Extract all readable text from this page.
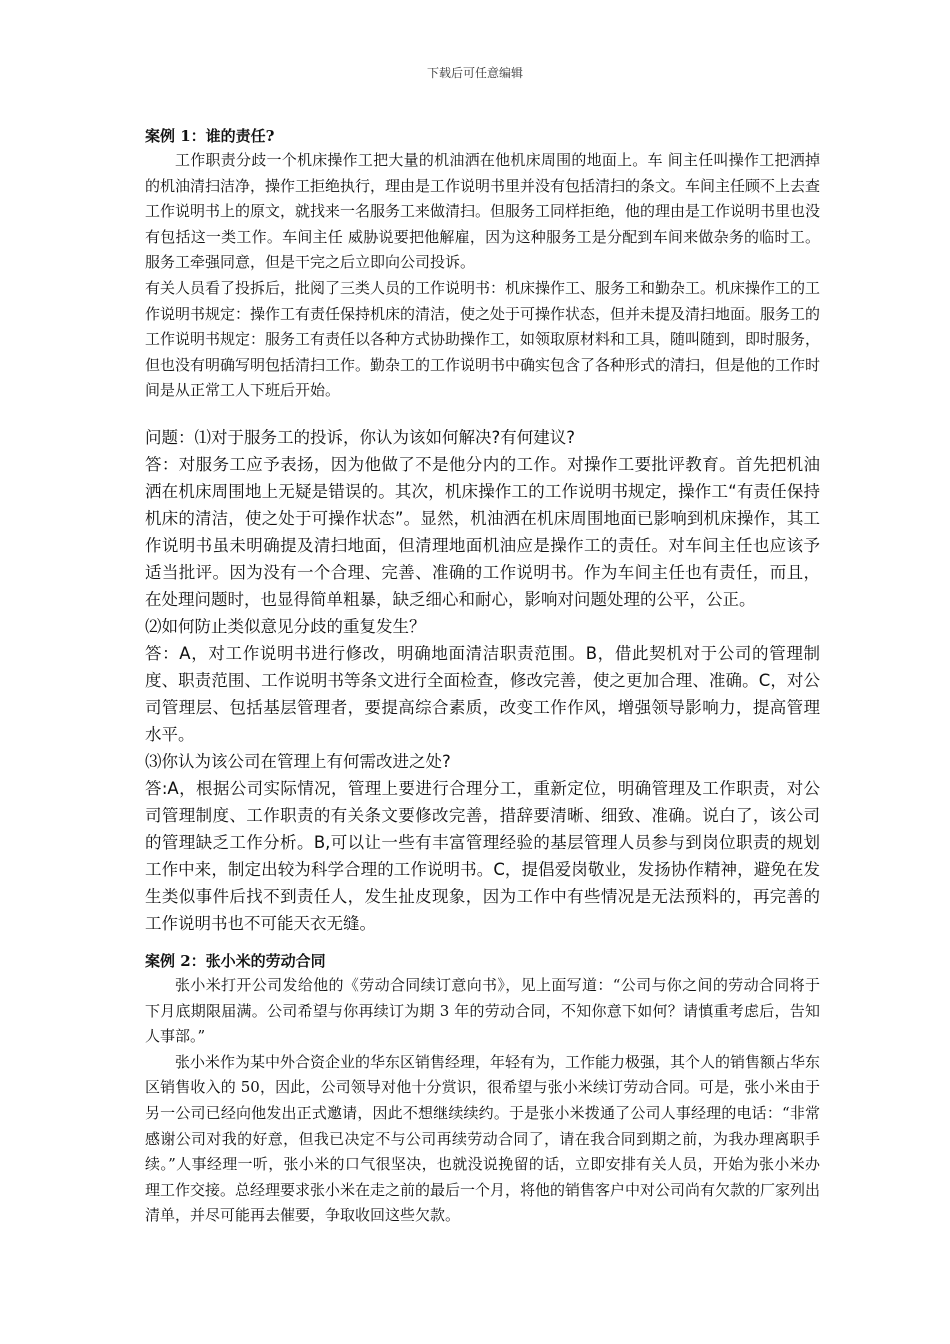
下载后可任意编辑

案例 1：谁的责任?

工作职责分歧一个机床操作工把大量的机油洒在他机床周围的地面上。车 间主任叫操作工把洒掉的机油清扫洁净，操作工拒绝执行，理由是工作说明书里并没有包括清扫的条文。车间主任顾不上去查工作说明书上的原文，就找来一名服务工来做清扫。但服务工同样拒绝，他的理由是工作说明书里也没有包括这一类工作。车间主任 威胁说要把他解雇，因为这种服务工是分配到车间来做杂务的临时工。服务工牵强同意，但是干完之后立即向公司投诉。

有关人员看了投拆后，批阅了三类人员的工作说明书：机床操作工、服务工和勤杂工。机床操作工的工作说明书规定：操作工有责任保持机床的清洁，使之处于可操作状态，但并未提及清扫地面。服务工的工作说明书规定：服务工有责任以各种方式协助操作工，如领取原材料和工具，随叫随到，即时服务，但也没有明确写明包括清扫工作。勤杂工的工作说明书中确实包含了各种形式的清扫，但是他的工作时间是从正常工人下班后开始。

问题：⑴对于服务工的投诉，你认为该如何解决?有何建议?

答：对服务工应予表扬，因为他做了不是他分内的工作。对操作工要批评教育。首先把机油洒在机床周围地上无疑是错误的。其次，机床操作工的工作说明书规定，操作工“有责任保持机床的清洁，使之处于可操作状态”。显然，机油洒在机床周围地面已影响到机床操作，其工作说明书虽未明确提及清扫地面，但清理地面机油应是操作工的责任。对车间主任也应该予适当批评。因为没有一个合理、完善、准确的工作说明书。作为车间主任也有责任，而且，在处理问题时，也显得简单粗暴，缺乏细心和耐心，影响对问题处理的公平，公正。

⑵如何防止类似意见分歧的重复发生？

答：A，对工作说明书进行修改，明确地面清洁职责范围。B，借此契机对于公司的管理制度、职责范围、工作说明书等条文进行全面检查，修改完善，使之更加合理、准确。C，对公司管理层、包括基层管理者，要提高综合素质，改变工作作风，增强领导影响力，提高管理水平。

⑶你认为该公司在管理上有何需改进之处?

答:A，根据公司实际情况，管理上要进行合理分工，重新定位，明确管理及工作职责，对公司管理制度、工作职责的有关条文要修改完善，措辞要清晰、细致、准确。说白了，该公司的管理缺乏工作分析。B,可以让一些有丰富管理经验的基层管理人员参与到岗位职责的规划工作中来，制定出较为科学合理的工作说明书。C，提倡爱岗敬业，发扬协作精神，避免在发生类似事件后找不到责任人，发生扯皮现象，因为工作中有些情况是无法预料的，再完善的工作说明书也不可能天衣无缝。

案例 2：张小米的劳动合同

张小米打开公司发给他的《劳动合同续订意向书》，见上面写道：“公司与你之间的劳动合同将于下月底期限届满。公司希望与你再续订为期 3 年的劳动合同，不知你意下如何？请慎重考虑后，告知人事部。”

张小米作为某中外合资企业的华东区销售经理，年轻有为，工作能力极强，其个人的销售额占华东区销售收入的 50，因此，公司领导对他十分赏识，很希望与张小米续订劳动合同。可是，张小米由于另一公司已经向他发出正式邀请，因此不想继续续约。于是张小米拨通了公司人事经理的电话：“非常感谢公司对我的好意，但我已决定不与公司再续劳动合同了，请在我合同到期之前，为我办理离职手续。”人事经理一听，张小米的口气很坚决，也就没说挽留的话，立即安排有关人员，开始为张小米办理工作交接。总经理要求张小米在走之前的最后一个月，将他的销售客户中对公司尚有欠款的厂家列出清单，并尽可能再去催要，争取收回这些欠款。
